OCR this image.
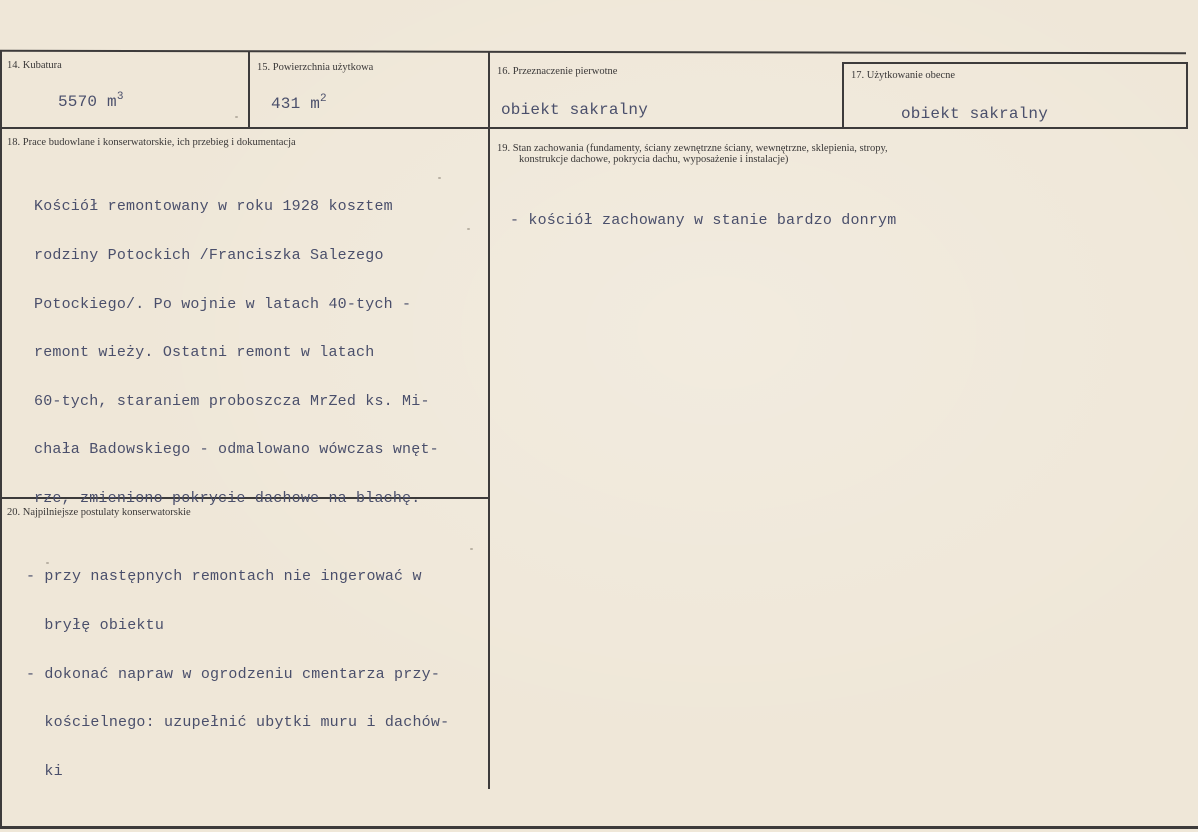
14. Kubatura
5570 $m^3$
15. Powierzchnia użytkowa
431 $m^2$
16. Przeznaczenie pierwotne
obiekt sakralny
17. Użytkowanie obecne
obiekt sakralny
18. Prace budowlane i konserwatorskie, ich przebieg i dokumentacja

Kościół remontowany w roku 1928 kosztem

rodziny Potockich /Franciszka Salezego

Potockiego/. Po wojnie w latach 40-tych -

remont wieży. Ostatni remont w latach

60-tych, staraniem proboszcza MrZed ks. Mi-

chała Badowskiego - odmalowano wówczas wnęt-

rze, zmieniono pokrycie dachowe na blachę.

19. Stan zachowania (fundamenty, ściany zewnętrzne ściany, wewnętrzne, sklepienia, stropy,
konstrukcje dachowe, pokrycia dachu, wyposażenie i instalacje)

- kościół zachowany w stanie bardzo donrym

20. Najpilniejsze postulaty konserwatorskie

- przy następnych remontach nie ingerować w

bryłę obiektu

- dokonać napraw w ogrodzeniu cmentarza przy-

kościelnego: uzupełnić ubytki muru i dachów-

ki
